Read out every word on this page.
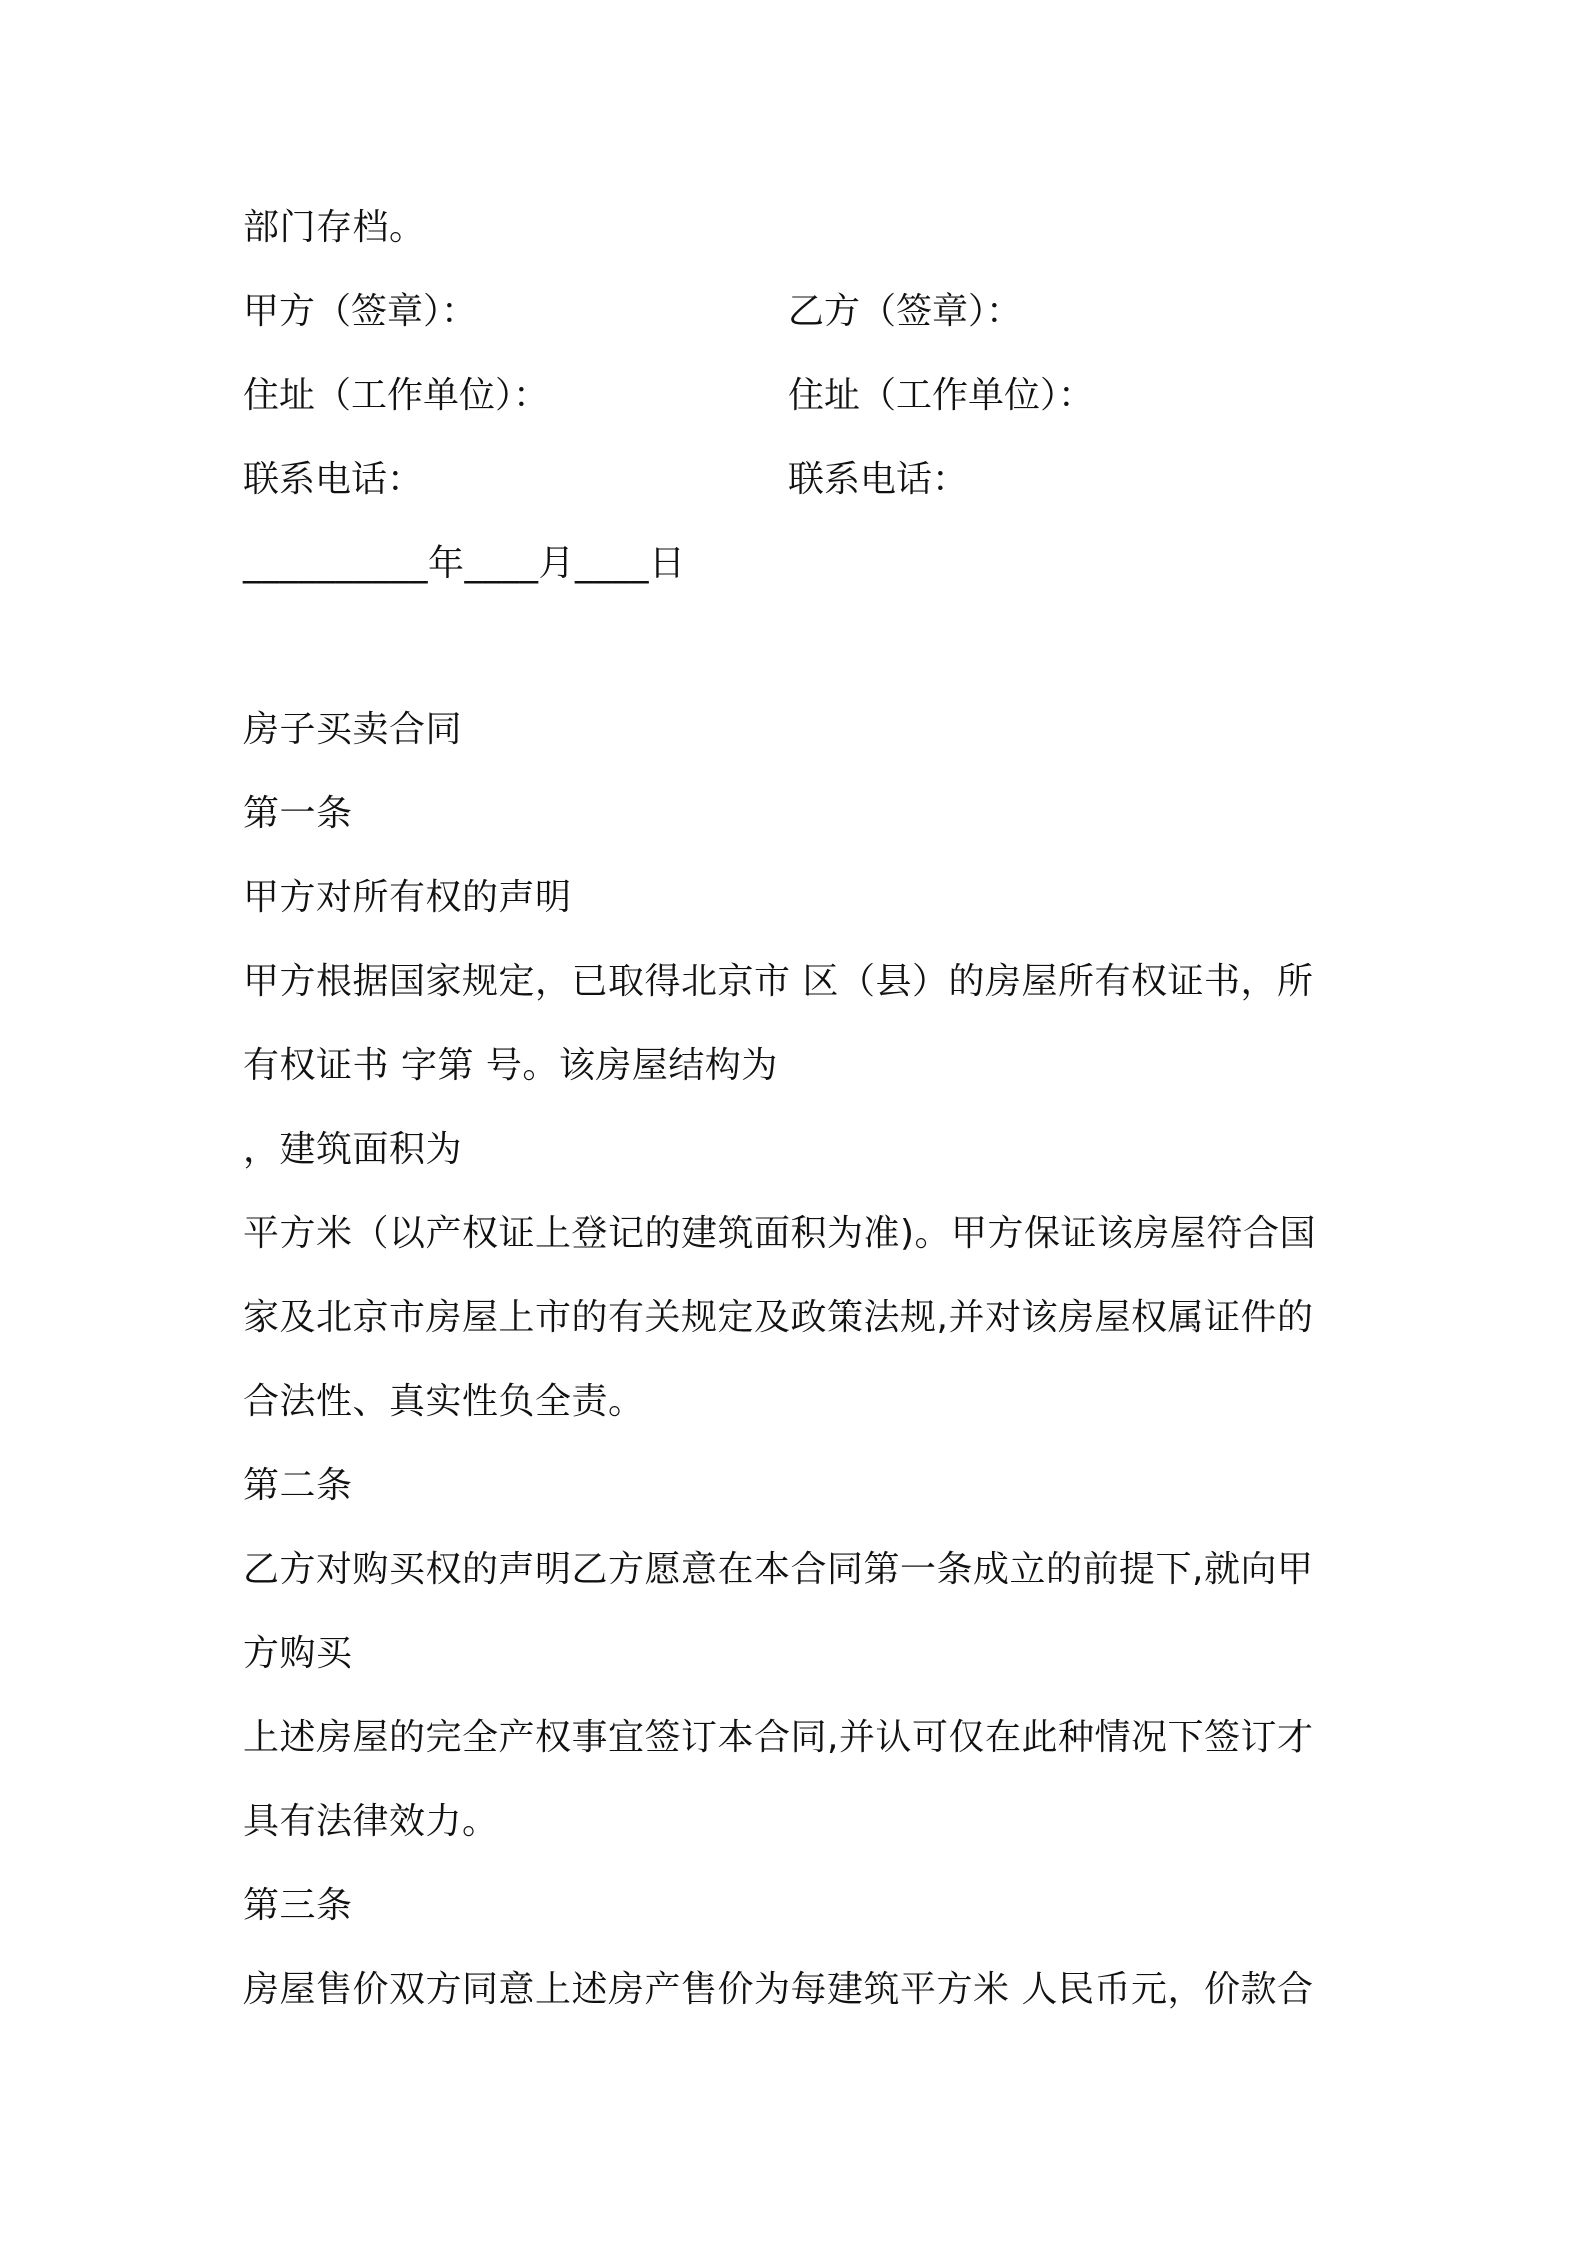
部门存档。
甲方（签章）：	乙方（签章）：
住址（工作单位）：	住址（工作单位）：
联系电话：	联系电话：
__________年____月____日
房子买卖合同
第一条
甲方对所有权的声明
甲方根据国家规定，已取得北京市 区（县）的房屋所有权证书，所
有权证书 字第 号。该房屋结构为
，建筑面积为
平方米（以产权证上登记的建筑面积为准)。甲方保证该房屋符合国
家及北京市房屋上市的有关规定及政策法规,并对该房屋权属证件的
合法性、真实性负全责。
第二条
乙方对购买权的声明乙方愿意在本合同第一条成立的前提下,就向甲
方购买
上述房屋的完全产权事宜签订本合同,并认可仅在此种情况下签订才
具有法律效力。
第三条
房屋售价双方同意上述房产售价为每建筑平方米 人民币元，价款合
